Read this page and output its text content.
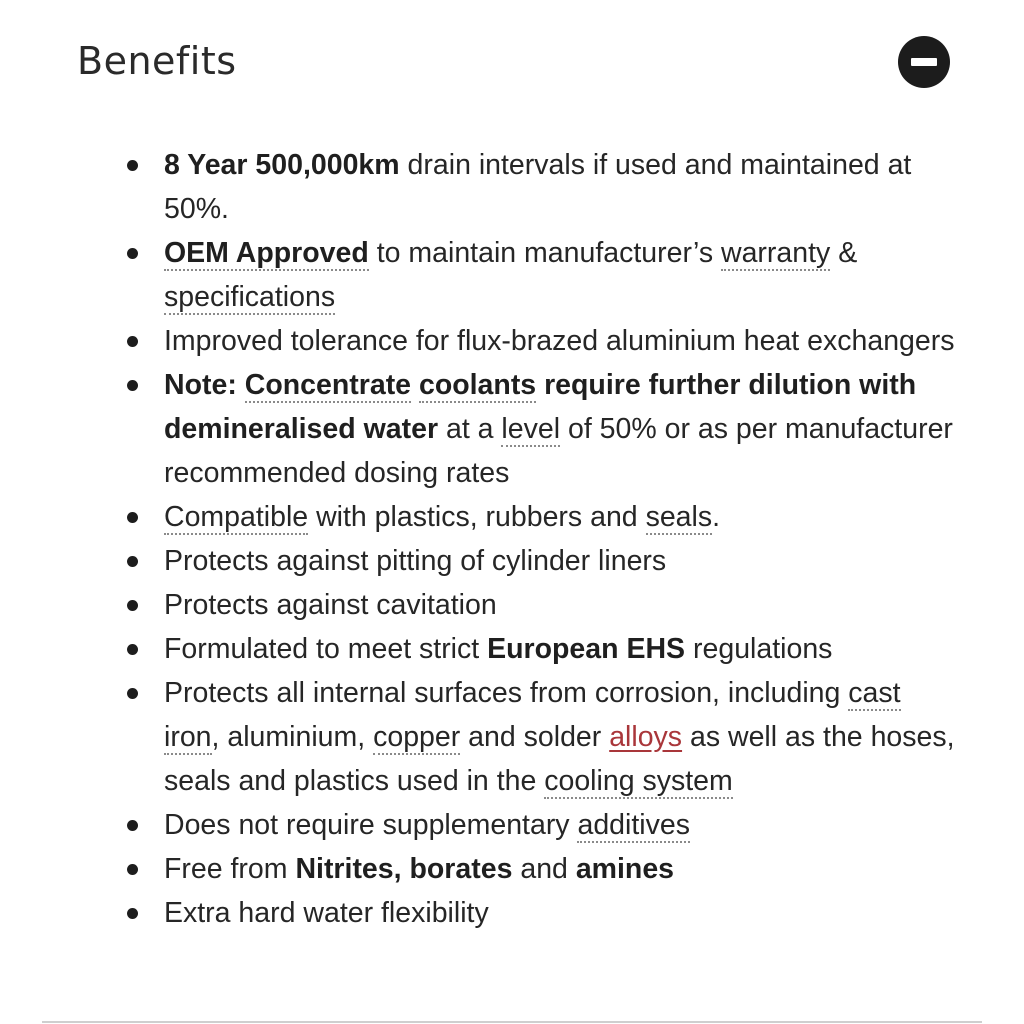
Benefits
8 Year 500,000km drain intervals if used and maintained at 50%.
OEM Approved to maintain manufacturer’s warranty & specifications
Improved tolerance for flux-brazed aluminium heat exchangers
Note: Concentrate coolants require further dilution with demineralised water at a level of 50% or as per manufacturer recommended dosing rates
Compatible with plastics, rubbers and seals.
Protects against pitting of cylinder liners
Protects against cavitation
Formulated to meet strict European EHS regulations
Protects all internal surfaces from corrosion, including cast iron, aluminium, copper and solder alloys as well as the hoses, seals and plastics used in the cooling system
Does not require supplementary additives
Free from Nitrites, borates and amines
Extra hard water flexibility
